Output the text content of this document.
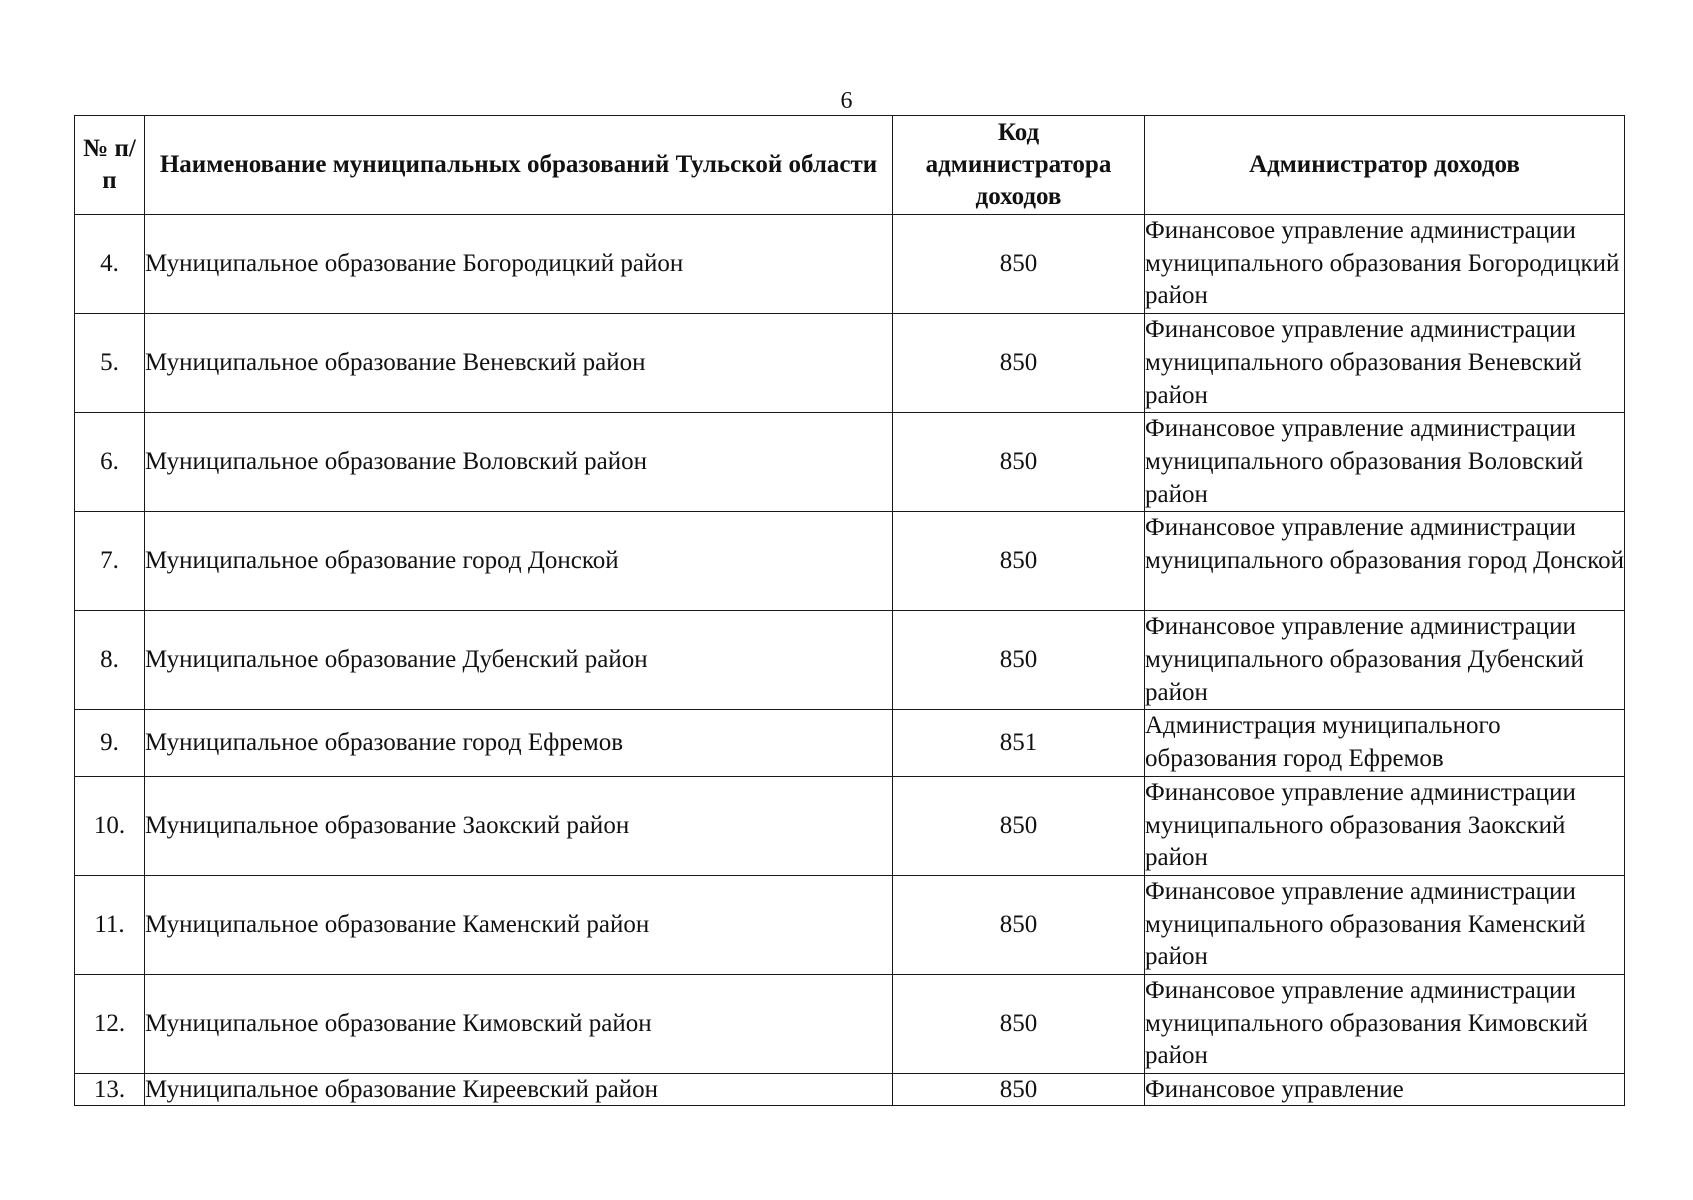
6
№ п/п	Наименование муниципальных образований Тульской области	Код администратора доходов	Администратор доходов
4.	Муниципальное образование Богородицкий район	850	Финансовое управление администрации муниципального образования Богородицкий район
5.	Муниципальное образование Веневский район	850	Финансовое управление администрации муниципального образования Веневский район
6.	Муниципальное образование Воловский район	850	Финансовое управление администрации муниципального образования Воловский район
7.	Муниципальное образование город Донской	850	Финансовое управление администрации муниципального образования город Донской
8.	Муниципальное образование Дубенский район	850	Финансовое управление администрации муниципального образования Дубенский район
9.	Муниципальное образование город Ефремов	851	Администрация муниципального образования город Ефремов
10.	Муниципальное образование Заокский район	850	Финансовое управление администрации муниципального образования Заокский район
11.	Муниципальное образование Каменский район	850	Финансовое управление администрации муниципального образования Каменский район
12.	Муниципальное образование Кимовский район	850	Финансовое управление администрации муниципального образования Кимовский район
13.	Муниципальное образование Киреевский район	850	Финансовое управление
